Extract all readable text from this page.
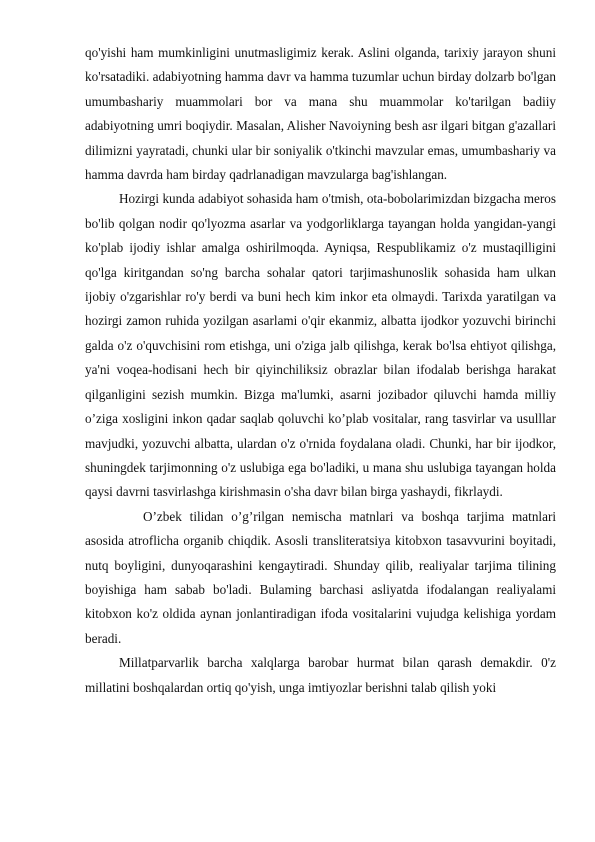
qo'yishi ham mumkinligini unutmasligimiz kerak. Aslini olganda, tarixiy jarayon shuni ko'rsatadiki. adabiyotning hamma davr va hamma tuzumlar uchun birday dolzarb bo'lgan umumbashariy muammolari bor va mana shu muammolar ko'tarilgan badiiy adabiyotning umri boqiydir. Masalan, Alisher Navoiyning besh asr ilgari bitgan g'azallari dilimizni yayratadi, chunki ular bir soniyalik o'tkinchi mavzular emas, umumbashariy va hamma davrda ham birday qadrlanadigan mavzularga bag'ishlangan.

Hozirgi kunda adabiyot sohasida ham o'tmish, ota-bobolarimizdan bizgacha meros bo'lib qolgan nodir qo'lyozma asarlar va yodgorliklarga tayangan holda yangidan-yangi ko'plab ijodiy ishlar amalga oshirilmoqda. Ayniqsa, Respublikamiz o'z mustaqilligini qo'lga kiritgandan so'ng barcha sohalar qatori tarjimashunoslik sohasida ham ulkan ijobiy o'zgarishlar ro'y berdi va buni hech kim inkor eta olmaydi. Tarixda yaratilgan va hozirgi zamon ruhida yozilgan asarlami o'qir ekanmiz, albatta ijodkor yozuvchi birinchi galda o'z o'quvchisini rom etishga, uni o'ziga jalb qilishga, kerak bo'lsa ehtiyot qilishga, ya'ni voqea-hodisani hech bir qiyinchiliksiz obrazlar bilan ifodalab berishga harakat qilganligini sezish mumkin. Bizga ma'lumki, asarni jozibador qiluvchi hamda milliy o’ziga xosligini inkon qadar saqlab qoluvchi ko’plab vositalar, rang tasvirlar va usulllar mavjudki, yozuvchi albatta, ulardan o'z o'rnida foydalana oladi. Chunki, har bir ijodkor, shuningdek tarjimonning o'z uslubiga ega bo'ladiki, u mana shu uslubiga tayangan holda qaysi davrni tasvirlashga kirishmasin o'sha davr bilan birga yashaydi, fikrlaydi.

O’zbek tilidan o’g’rilgan nemischa matnlari va boshqa tarjima matnlari asosida atroflicha organib chiqdik. Asosli transliteratsiya kitobxon tasavvurini boyitadi, nutq boyligini, dunyoqarashini kengaytiradi. Shunday qilib, realiyalar tarjima tilining boyishiga ham sabab bo'ladi. Bulaming barchasi asliyatda ifodalangan realiyalami kitobxon ko'z oldida aynan jonlantiradigan ifoda vositalarini vujudga kelishiga yordam beradi.

Millatparvarlik barcha xalqlarga barobar hurmat bilan qarash demakdir. 0'z millatini boshqalardan ortiq qo'yish, unga imtiyozlar berishni talab qilish yoki
